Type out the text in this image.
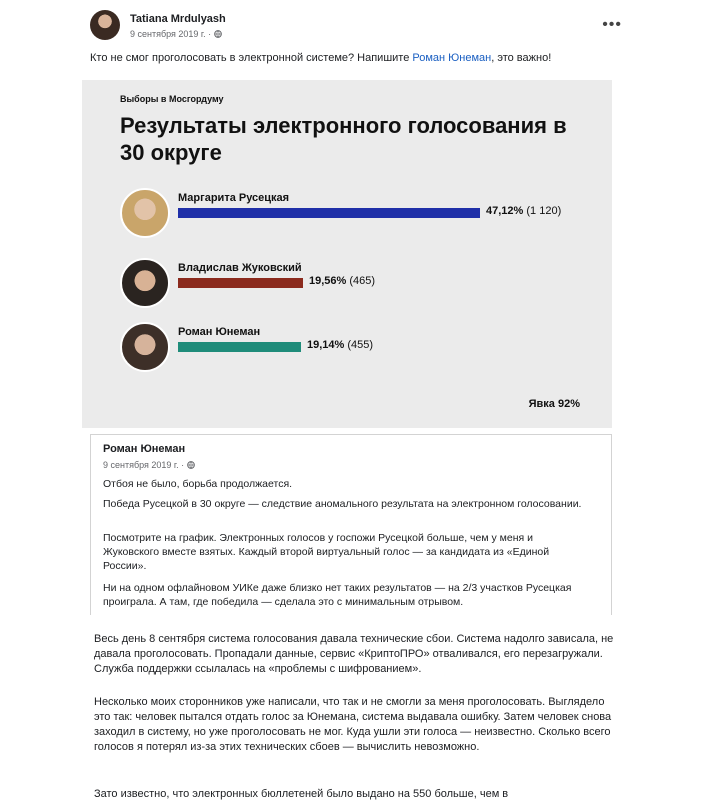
Tatiana Mrdulyash
9 сентября 2019 г. ·
•••
Кто не смог проголосовать в электронной системе? Напишите Роман Юнеман, это важно!
Выборы в Мосгордуму
Результаты электронного голосования в 30 округе
Маргарита Русецкая
47,12% (1 120)
Владислав Жуковский
19,56% (465)
Роман Юнеман
19,14% (455)
Явка 92%
Роман Юнеман
9 сентября 2019 г. ·
Отбоя не было, борьба продолжается.
Победа Русецкой в 30 округе — следствие аномального результата на электронном голосовании.
Посмотрите на график. Электронных голосов у госпожи Русецкой больше, чем у меня и Жуковского вместе взятых. Каждый второй виртуальный голос — за кандидата из «Единой России».
Ни на одном офлайновом УИКе даже близко нет таких результатов — на 2/3 участков Русецкая проиграла. А там, где победила — сделала это с минимальным отрывом.
Весь день 8 сентября система голосования давала технические сбои. Система надолго зависала, не давала проголосовать. Пропадали данные, сервис «КриптоПРО» отваливался, его перезагружали. Служба поддержки ссылалась на «проблемы с шифрованием».
Несколько моих сторонников уже написали, что так и не смогли за меня проголосовать. Выглядело это так: человек пытался отдать голос за Юнемана, система выдавала ошибку. Затем человек снова заходил в систему, но уже проголосовать не мог. Куда ушли эти голоса — неизвестно. Сколько всего голосов я потерял из-за этих технических сбоев — вычислить невозможно.
Зато известно, что электронных бюллетеней было выдано на 550 больше, чем в
